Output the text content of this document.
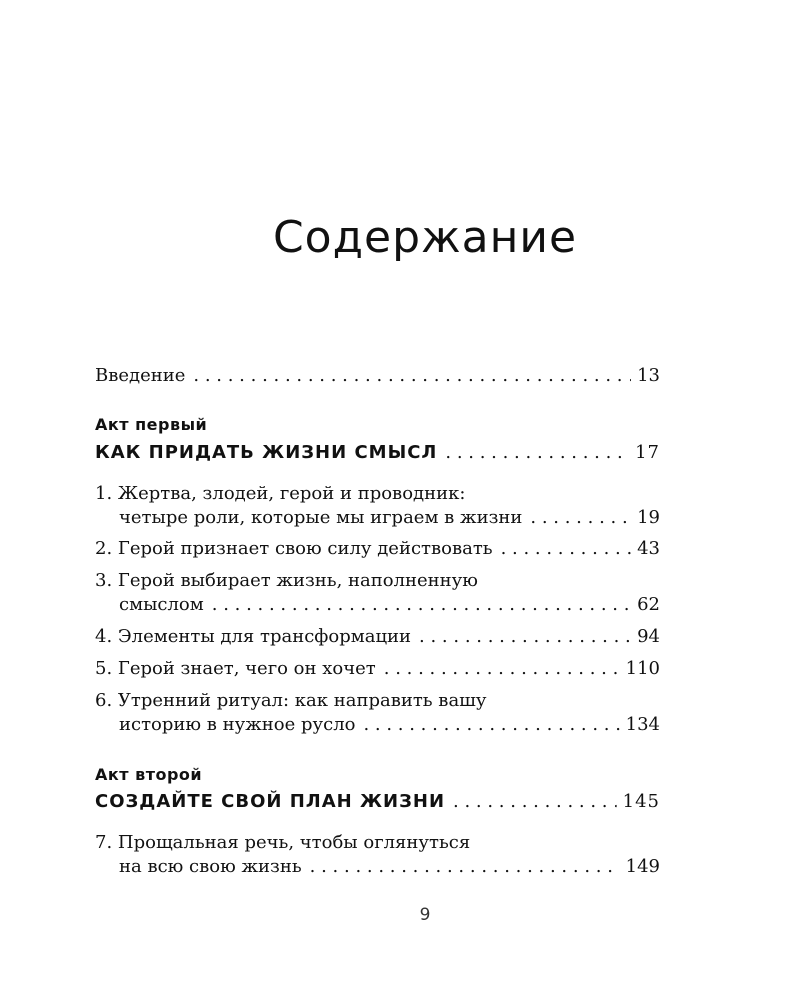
Содержание
Введение . . .	13
Акт первый
КАК ПРИДАТЬ ЖИЗНИ СМЫСЛ . . .	17
1. Жертва, злодей, герой и проводник:
четыре роли, которые мы играем в жизни . . .	19
2. Герой признает свою силу действовать . . .	43
3. Герой выбирает жизнь, наполненную
смыслом . . .	62
4. Элементы для трансформации . . .	94
5. Герой знает, чего он хочет . . .	110
6. Утренний ритуал: как направить вашу
историю в нужное русло . . .	134
Акт второй
СОЗДАЙТЕ СВОЙ ПЛАН ЖИЗНИ . . .	145
7. Прощальная речь, чтобы оглянуться
на всю свою жизнь . . .	149
9
